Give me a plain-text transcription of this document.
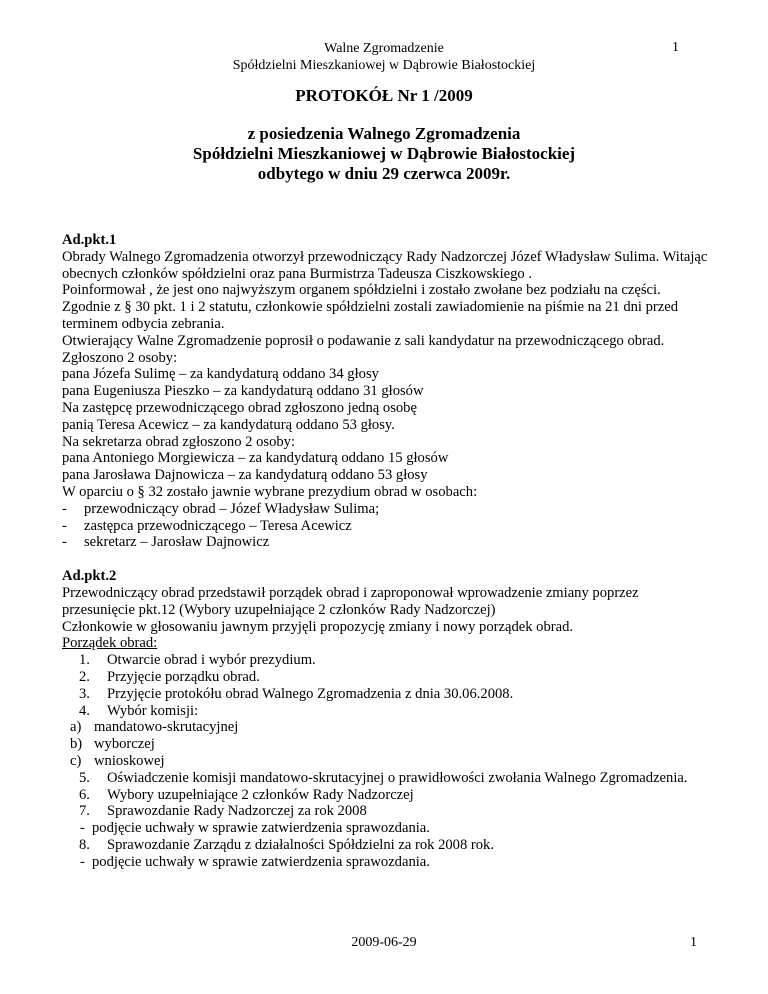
Walne Zgromadzenie
Spółdzielni Mieszkaniowej w Dąbrowie Białostockiej
1
PROTOKÓŁ Nr 1 /2009
z posiedzenia Walnego Zgromadzenia
Spółdzielni Mieszkaniowej w Dąbrowie Białostockiej
odbytego w dniu 29 czerwca 2009r.

Ad.pkt.1

Obrady Walnego Zgromadzenia otworzył przewodniczący Rady Nadzorczej Józef Władysław Sulima. Witając obecnych członków spółdzielni oraz pana Burmistrza Tadeusza Ciszkowskiego .

Poinformował , że jest ono najwyższym organem spółdzielni i zostało zwołane bez podziału na części.

Zgodnie z § 30 pkt. 1 i 2 statutu, członkowie spółdzielni zostali zawiadomienie na piśmie na 21 dni przed terminem odbycia zebrania.

Otwierający Walne Zgromadzenie poprosił o podawanie z sali kandydatur na przewodniczącego obrad. Zgłoszono 2 osoby:

pana Józefa Sulimę – za kandydaturą oddano 34 głosy

pana Eugeniusza Pieszko – za kandydaturą oddano 31 głosów

Na zastępcę przewodniczącego obrad zgłoszono jedną osobę

panią Teresa Acewicz – za kandydaturą oddano 53 głosy.

Na sekretarza obrad zgłoszono 2 osoby:

pana Antoniego Morgiewicza – za kandydaturą oddano 15 głosów

pana Jarosława Dajnowicza – za kandydaturą oddano 53 głosy

W oparciu o § 32 zostało jawnie wybrane prezydium obrad w osobach:

-	przewodniczący obrad – Józef Władysław Sulima;
-	zastępca przewodniczącego – Teresa Acewicz
-	sekretarz – Jarosław Dajnowicz

Ad.pkt.2

Przewodniczący obrad przedstawił porządek obrad i zaproponował wprowadzenie zmiany poprzez przesunięcie pkt.12 (Wybory uzupełniające 2 członków Rady Nadzorczej)

Członkowie w głosowaniu jawnym przyjęli propozycję zmiany i nowy porządek obrad.

Porządek obrad:

1. Otwarcie obrad i wybór prezydium.
2. Przyjęcie porządku obrad.
3. Przyjęcie protokółu obrad Walnego Zgromadzenia z dnia 30.06.2008.
4. Wybór komisji:
a) mandatowo-skrutacyjnej
b) wyborczej
c) wnioskowej
5. Oświadczenie komisji mandatowo-skrutacyjnej o prawidłowości zwołania Walnego Zgromadzenia.
6. Wybory uzupełniające 2 członków Rady Nadzorczej
7. Sprawozdanie Rady Nadzorczej za rok 2008
- podjęcie uchwały w sprawie zatwierdzenia sprawozdania.
8. Sprawozdanie Zarządu z działalności Spółdzielni za rok 2008 rok.
- podjęcie uchwały w sprawie zatwierdzenia sprawozdania.
2009-06-29	1
